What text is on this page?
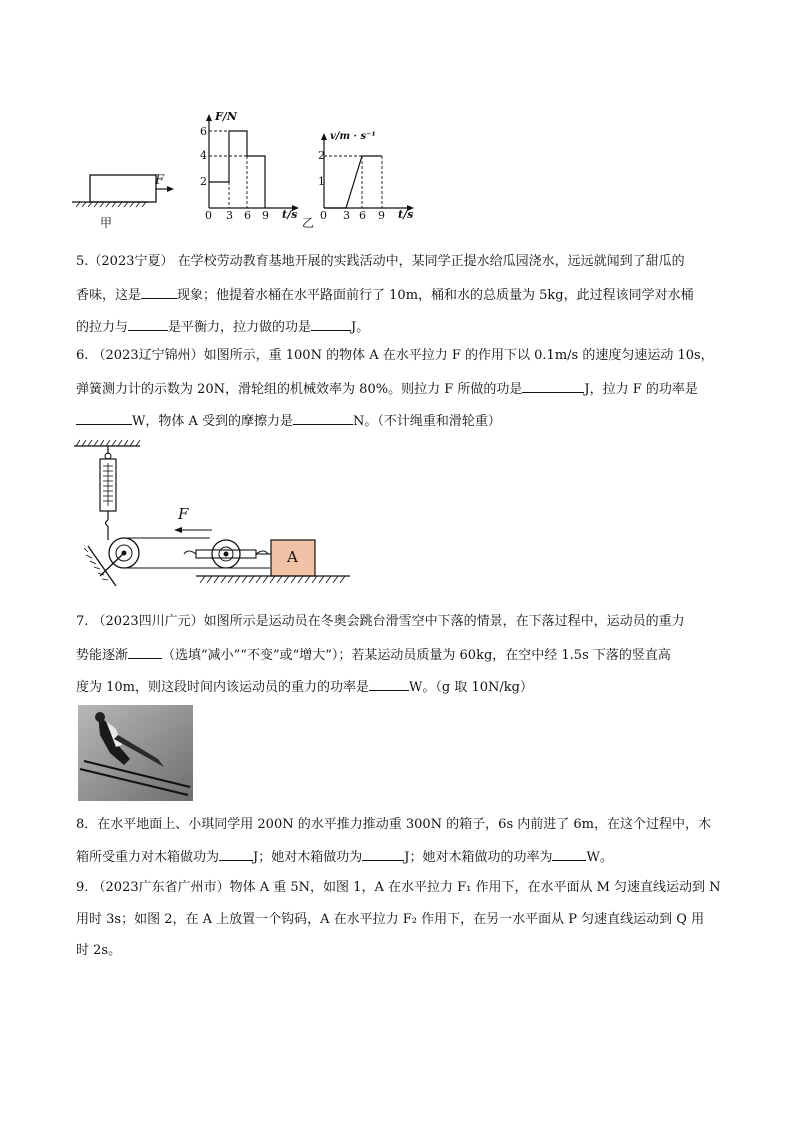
F
甲
F/N
6
4
2
0 3 6 9 t/s
乙
v/m · s⁻¹
2
1
0 3 6 9 t/s
5.（2023宁夏） 在学校劳动教育基地开展的实践活动中，某同学正提水给瓜园浇水，远远就闻到了甜瓜的
香味，这是	现象；他提着水桶在水平路面前行了 10m，桶和水的总质量为 5kg，此过程该同学对水桶
的拉力与	是平衡力，拉力做的功是	J。
6. （2023辽宁锦州）如图所示，重 100N 的物体 A 在水平拉力 F 的作用下以 0.1m/s 的速度匀速运动 10s，
弹簧测力计的示数为 20N，滑轮组的机械效率为 80%。则拉力 F 所做的功是	J，拉力 F 的功率是
W，物体 A 受到的摩擦力是	N。（不计绳重和滑轮重）
F
A
7. （2023四川广元）如图所示是运动员在冬奥会跳台滑雪空中下落的情景，在下落过程中，运动员的重力
势能逐渐	（选填“减小”“不变”或“增大”）；若某运动员质量为 60kg，在空中经 1.5s 下落的竖直高
度为 10m，则这段时间内该运动员的重力的功率是	W。（g 取 10N/kg）
8．在水平地面上、小琪同学用 200N 的水平推力推动重 300N 的箱子，6s 内前进了 6m，在这个过程中，木
箱所受重力对木箱做功为	J；她对木箱做功为	J；她对木箱做功的功率为	W。
9. （2023广东省广州市）物体 A 重 5N，如图 1，A 在水平拉力 F₁ 作用下，在水平面从 M 匀速直线运动到 N
用时 3s；如图 2，在 A 上放置一个钩码，A 在水平拉力 F₂ 作用下，在另一水平面从 P 匀速直线运动到 Q 用
时 2s。
